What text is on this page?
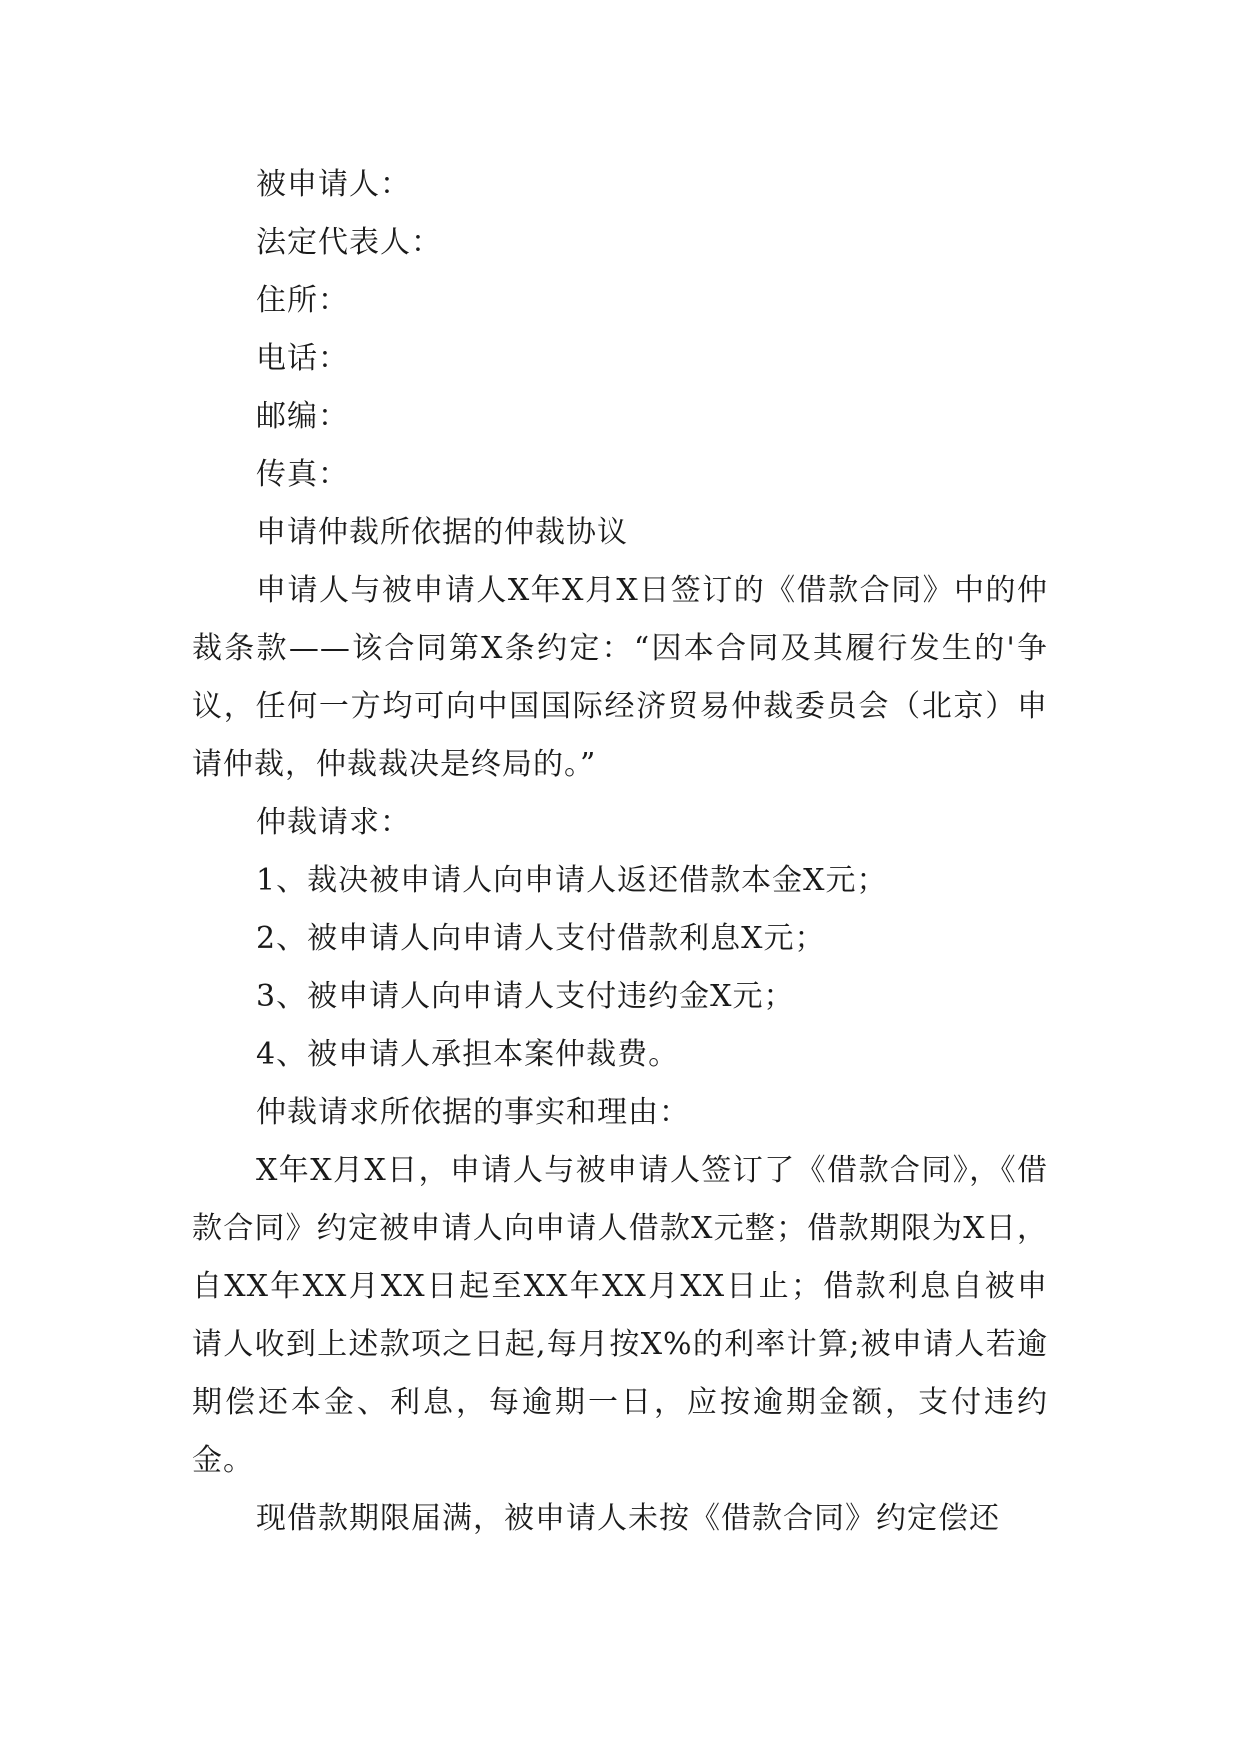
被申请人：

法定代表人：

住所：

电话：

邮编：

传真：

申请仲裁所依据的仲裁协议

申请人与被申请人X年X月X日签订的《借款合同》中的仲裁条款——该合同第X条约定：“因本合同及其履行发生的'争议，任何一方均可向中国国际经济贸易仲裁委员会（北京）申请仲裁，仲裁裁决是终局的。”

仲裁请求：

1、裁决被申请人向申请人返还借款本金X元；

2、被申请人向申请人支付借款利息X元；

3、被申请人向申请人支付违约金X元；

4、被申请人承担本案仲裁费。

仲裁请求所依据的事实和理由：

X年X月X日，申请人与被申请人签订了《借款合同》，《借款合同》约定被申请人向申请人借款X元整；借款期限为X日，自XX年XX月XX日起至XX年XX月XX日止；借款利息自被申请人收到上述款项之日起,每月按X%的利率计算;被申请人若逾期偿还本金、利息，每逾期一日，应按逾期金额，支付违约金。

现借款期限届满，被申请人未按《借款合同》约定偿还
